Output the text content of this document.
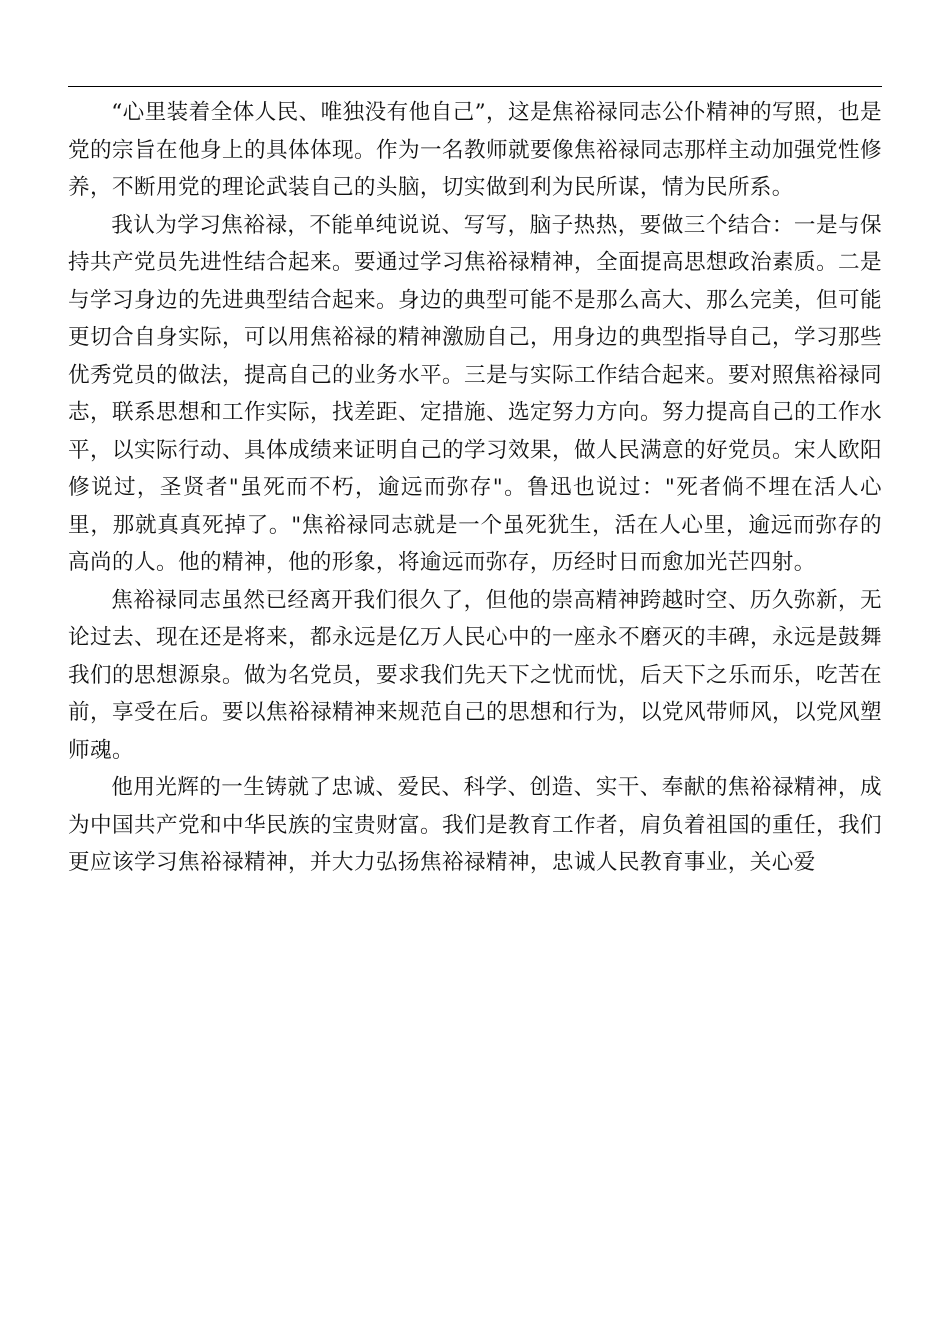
“心里装着全体人民、唯独没有他自己”，这是焦裕禄同志公仆精神的写照，也是党的宗旨在他身上的具体体现。作为一名教师就要像焦裕禄同志那样主动加强党性修养，不断用党的理论武装自己的头脑，切实做到利为民所谋，情为民所系。

我认为学习焦裕禄，不能单纯说说、写写，脑子热热，要做三个结合：一是与保持共产党员先进性结合起来。要通过学习焦裕禄精神，全面提高思想政治素质。二是与学习身边的先进典型结合起来。身边的典型可能不是那么高大、那么完美，但可能更切合自身实际，可以用焦裕禄的精神激励自己，用身边的典型指导自己，学习那些优秀党员的做法，提高自己的业务水平。三是与实际工作结合起来。要对照焦裕禄同志，联系思想和工作实际，找差距、定措施、选定努力方向。努力提高自己的工作水平，以实际行动、具体成绩来证明自己的学习效果，做人民满意的好党员。宋人欧阳修说过，圣贤者"虽死而不朽，逾远而弥存"。鲁迅也说过："死者倘不埋在活人心里，那就真真死掉了。"焦裕禄同志就是一个虽死犹生，活在人心里，逾远而弥存的高尚的人。他的精神，他的形象，将逾远而弥存，历经时日而愈加光芒四射。

焦裕禄同志虽然已经离开我们很久了，但他的崇高精神跨越时空、历久弥新，无论过去、现在还是将来，都永远是亿万人民心中的一座永不磨灭的丰碑，永远是鼓舞我们的思想源泉。做为名党员，要求我们先天下之忧而忧，后天下之乐而乐，吃苦在前，享受在后。要以焦裕禄精神来规范自己的思想和行为，以党风带师风，以党风塑师魂。

他用光辉的一生铸就了忠诚、爱民、科学、创造、实干、奉献的焦裕禄精神，成为中国共产党和中华民族的宝贵财富。我们是教育工作者，肩负着祖国的重任，我们更应该学习焦裕禄精神，并大力弘扬焦裕禄精神，忠诚人民教育事业，关心爱
